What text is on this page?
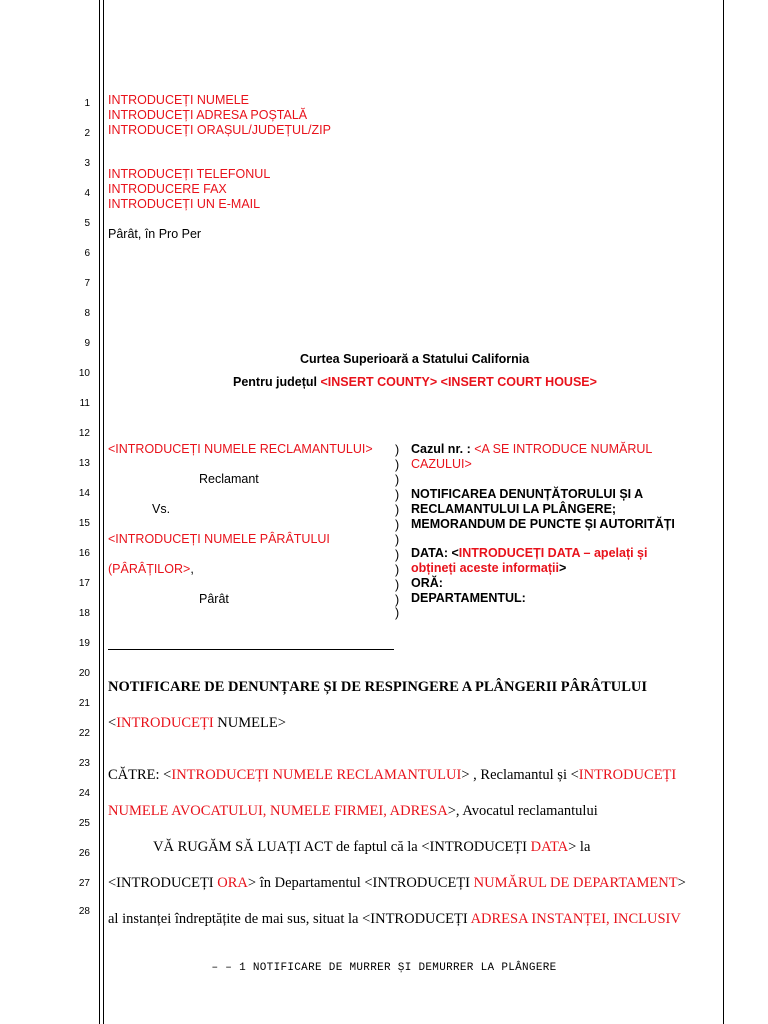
1
2
3
4
5
6
7
8
9
10
11
12
13
14
15
16
17
18
19
20
21
22
23
24
25
26
27
28
INTRODUCEȚI NUMELE
INTRODUCEȚI ADRESA POȘTALĂ
INTRODUCEȚI ORAȘUL/JUDEȚUL/ZIP
INTRODUCEȚI TELEFONUL
INTRODUCERE FAX
INTRODUCEȚI UN E-MAIL
Pârât, în Pro Per
Curtea Superioară a Statului California
Pentru județul <INSERT COUNTY> <INSERT COURT HOUSE>
<INTRODUCEȚI NUMELE RECLAMANTULUI>
Reclamant
Vs.
<INTRODUCEȚI NUMELE PÂRÂTULUI
(PÂRÂȚILOR>,
Pârât
)
)
)
)
)
)
)
)
)
)
)
)
Cazul nr. : <A SE INTRODUCE NUMĂRUL
CAZULUI>
NOTIFICAREA DENUNȚĂTORULUI ȘI A
RECLAMANTULUI LA PLÂNGERE;
MEMORANDUM DE PUNCTE ȘI AUTORITĂȚI
DATA: <INTRODUCEȚI DATA – apelați și
obțineți aceste informații>
ORĂ:
DEPARTAMENTUL:
NOTIFICARE DE DENUNȚARE ȘI DE RESPINGERE A PLÂNGERII PÂRÂTULUI
<INTRODUCEȚI NUMELE>
CĂTRE: <INTRODUCEȚI NUMELE RECLAMANTULUI> , Reclamantul și <INTRODUCEȚI
NUMELE AVOCATULUI, NUMELE FIRMEI, ADRESA>, Avocatul reclamantului
VĂ RUGĂM SĂ LUAȚI ACT de faptul că la <INTRODUCEȚI DATA> la
<INTRODUCEȚI ORA> în Departamentul <INTRODUCEȚI NUMĂRUL DE DEPARTAMENT>
al instanței îndreptățite de mai sus, situat la <INTRODUCEȚI ADRESA INSTANȚEI, INCLUSIV
– – 1 NOTIFICARE DE MURRER ȘI DEMURRER LA PLÂNGERE
